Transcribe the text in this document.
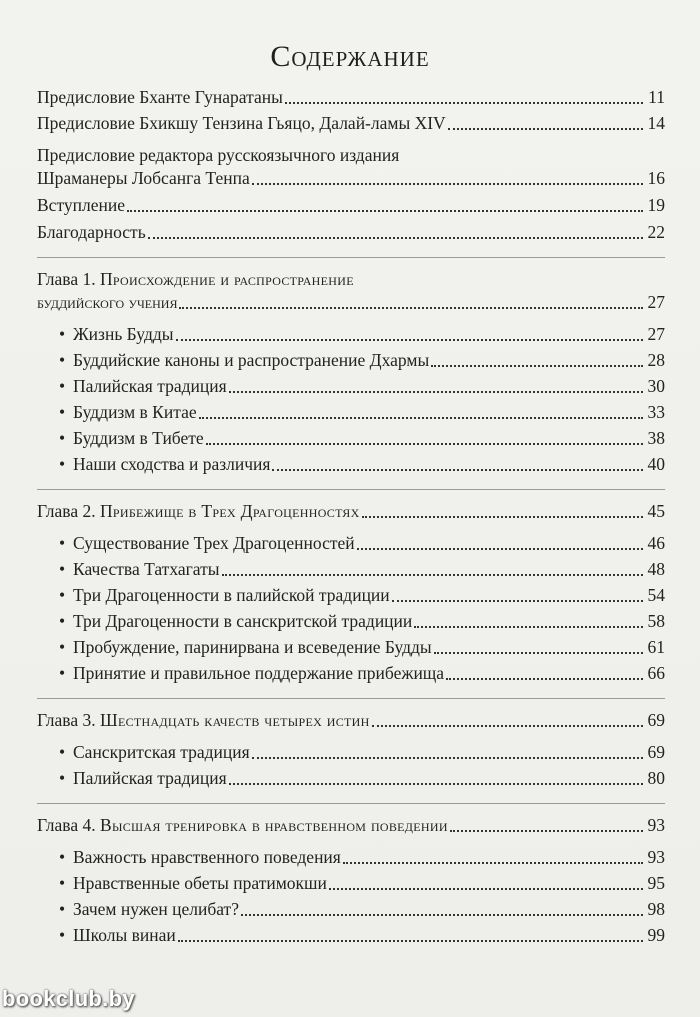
Содержание
Предисловие Бханте Гунаратаны	11
Предисловие Бхикшу Тензина Гьяцо, Далай-ламы XIV	14
Предисловие редактора русскоязычного издания
Шраманеры Лобсанга Тенпа	16
Вступление	19
Благодарность	22
Глава 1. Происхождение и распространение
буддийского учения	27
• Жизнь Будды	27
• Буддийские каноны и распространение Дхармы	28
• Палийская традиция	30
• Буддизм в Китае	33
• Буддизм в Тибете	38
• Наши сходства и различия	40
Глава 2. Прибежище в Трех Драгоценностях	45
• Существование Трех Драгоценностей	46
• Качества Татхагаты	48
• Три Драгоценности в палийской традиции	54
• Три Драгоценности в санскритской традиции	58
• Пробуждение, паринирвана и всеведение Будды	61
• Принятие и правильное поддержание прибежища	66
Глава 3. Шестнадцать качеств четырех истин	69
• Санскритская традиция	69
• Палийская традиция	80
Глава 4. Высшая тренировка в нравственном поведении	93
• Важность нравственного поведения	93
• Нравственные обеты пратимокши	95
• Зачем нужен целибат?	98
• Школы винаи	99
bookclub.by
